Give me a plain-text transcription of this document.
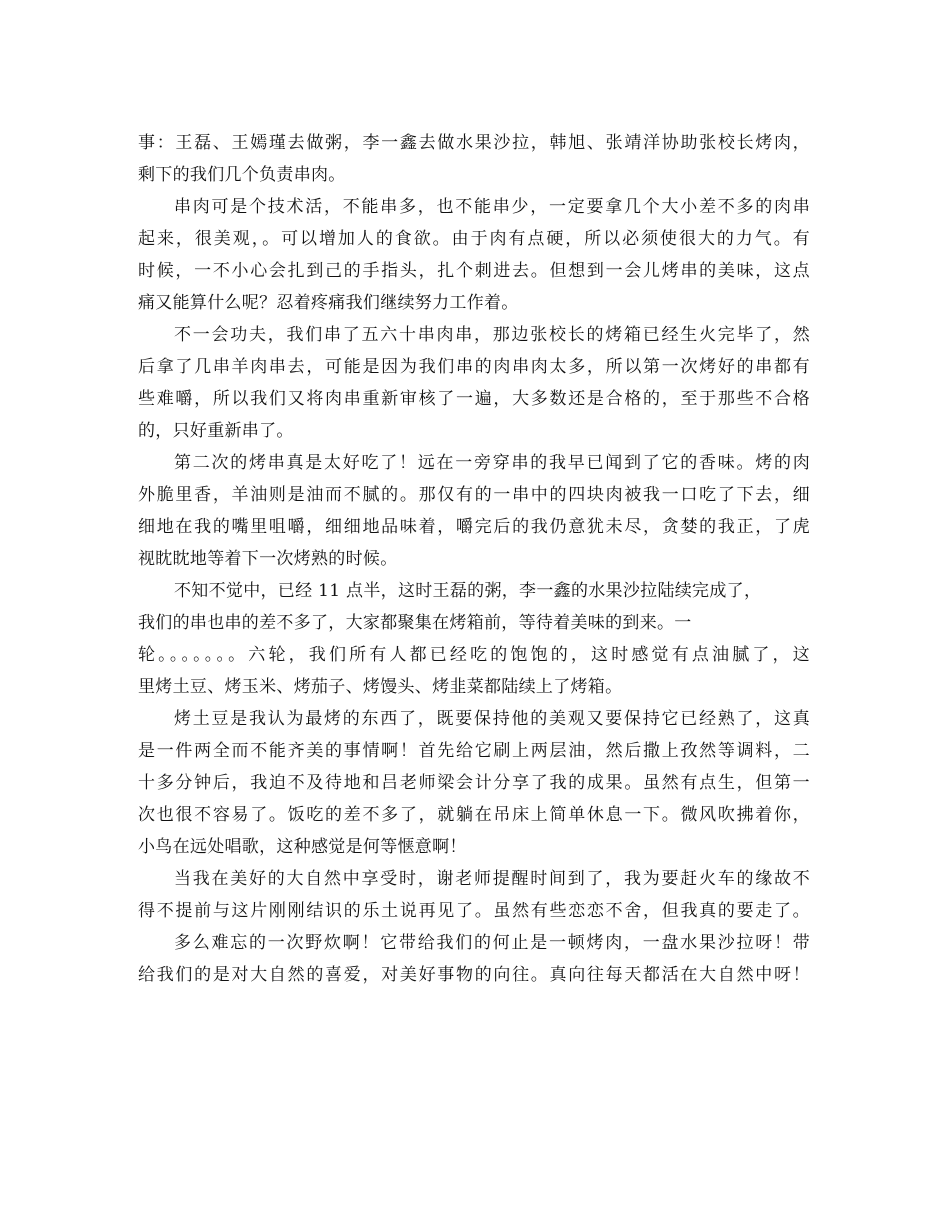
事：王磊、王嫣瑾去做粥，李一鑫去做水果沙拉，韩旭、张靖洋协助张校长烤肉，
剩下的我们几个负责串肉。
串肉可是个技术活，不能串多，也不能串少，一定要拿几个大小差不多的肉串
起来，很美观，。可以增加人的食欲。由于肉有点硬，所以必须使很大的力气。有
时候，一不小心会扎到己的手指头，扎个刺进去。但想到一会儿烤串的美味，这点
痛又能算什么呢？忍着疼痛我们继续努力工作着。
不一会功夫，我们串了五六十串肉串，那边张校长的烤箱已经生火完毕了，然
后拿了几串羊肉串去，可能是因为我们串的肉串肉太多，所以第一次烤好的串都有
些难嚼，所以我们又将肉串重新审核了一遍，大多数还是合格的，至于那些不合格
的，只好重新串了。
第二次的烤串真是太好吃了！远在一旁穿串的我早已闻到了它的香味。烤的肉
外脆里香，羊油则是油而不腻的。那仅有的一串中的四块肉被我一口吃了下去，细
细地在我的嘴里咀嚼，细细地品味着，嚼完后的我仍意犹未尽，贪婪的我正，了虎
视眈眈地等着下一次烤熟的时候。
不知不觉中，已经 11 点半，这时王磊的粥，李一鑫的水果沙拉陆续完成了，
我们的串也串的差不多了，大家都聚集在烤箱前，等待着美味的到来。一
轮。。。。。。。六轮，我们所有人都已经吃的饱饱的，这时感觉有点油腻了，这
里烤土豆、烤玉米、烤茄子、烤馒头、烤韭菜都陆续上了烤箱。
烤土豆是我认为最烤的东西了，既要保持他的美观又要保持它已经熟了，这真
是一件两全而不能齐美的事情啊！首先给它刷上两层油，然后撒上孜然等调料，二
十多分钟后，我迫不及待地和吕老师梁会计分享了我的成果。虽然有点生，但第一
次也很不容易了。饭吃的差不多了，就躺在吊床上简单休息一下。微风吹拂着你，
小鸟在远处唱歌，这种感觉是何等惬意啊！
当我在美好的大自然中享受时，谢老师提醒时间到了，我为要赶火车的缘故不
得不提前与这片刚刚结识的乐土说再见了。虽然有些恋恋不舍，但我真的要走了。
多么难忘的一次野炊啊！它带给我们的何止是一顿烤肉，一盘水果沙拉呀！带
给我们的是对大自然的喜爱，对美好事物的向往。真向往每天都活在大自然中呀！
